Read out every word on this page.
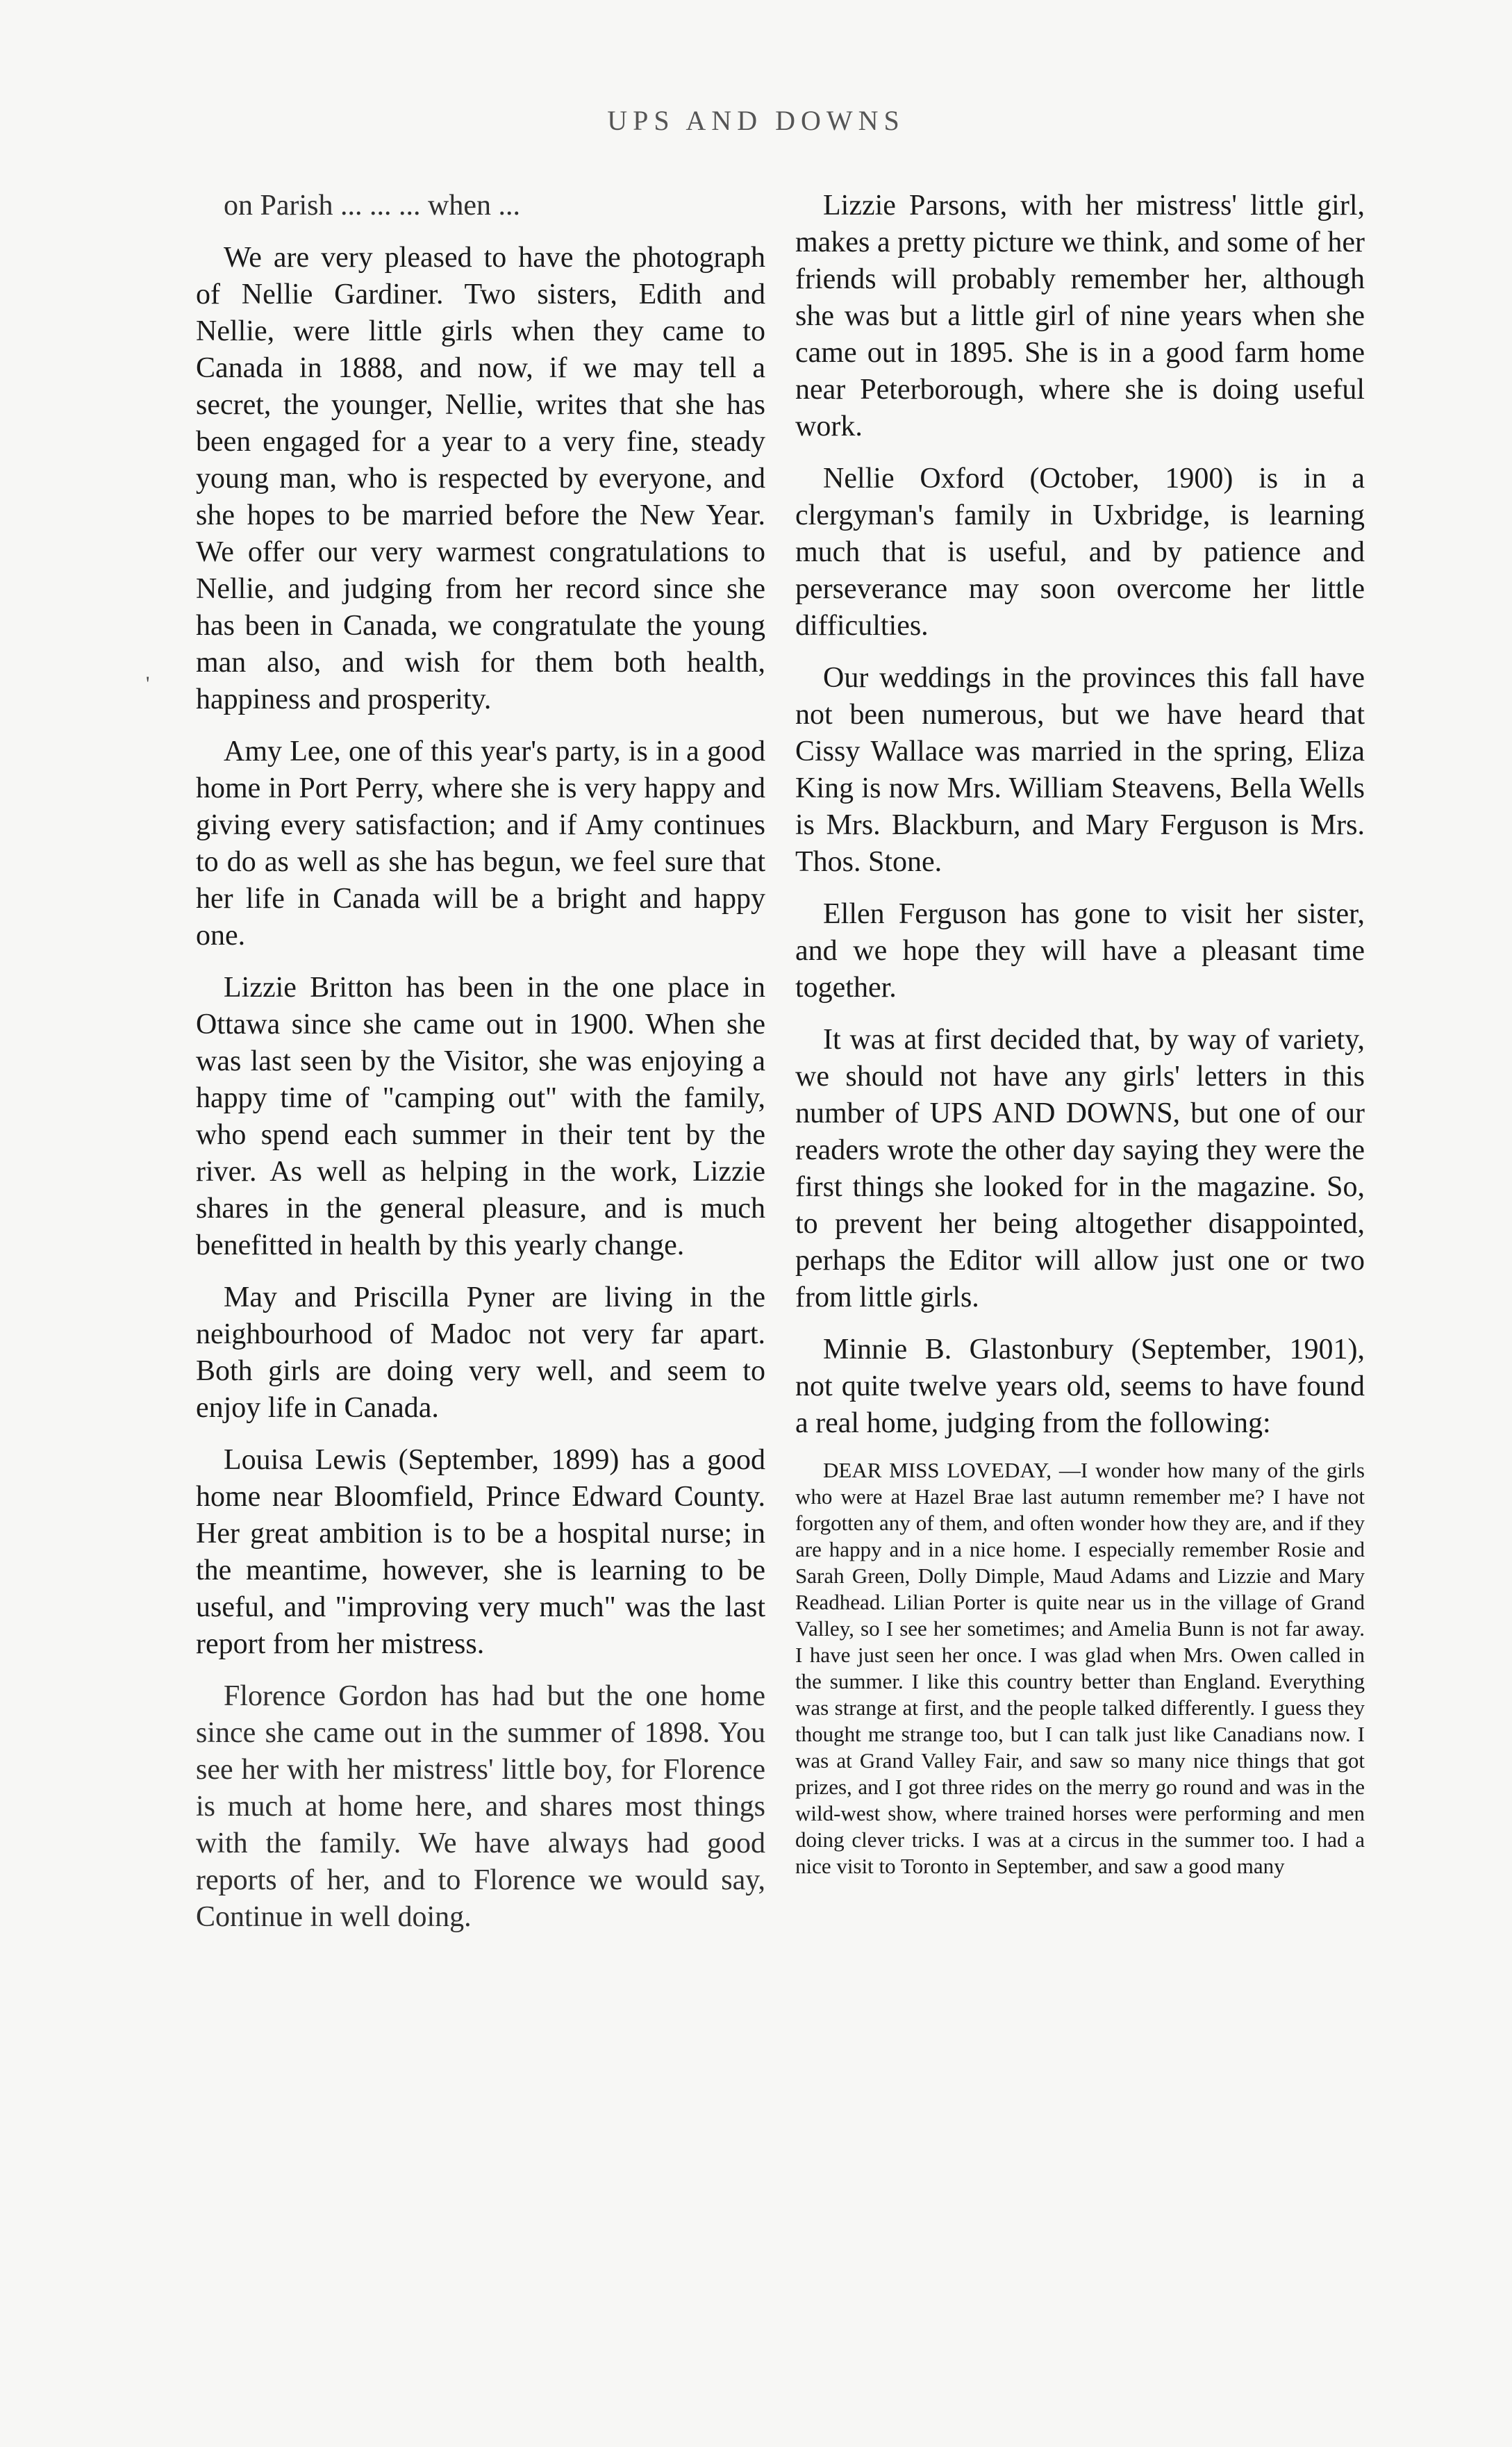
UPS AND DOWNS
'

on Parish ... ... ... when ...

We are very pleased to have the photograph of Nellie Gardiner. Two sisters, Edith and Nellie, were little girls when they came to Canada in 1888, and now, if we may tell a secret, the younger, Nellie, writes that she has been engaged for a year to a very fine, steady young man, who is respected by everyone, and she hopes to be married before the New Year. We offer our very warmest congratulations to Nellie, and judging from her record since she has been in Canada, we congratulate the young man also, and wish for them both health, happiness and prosperity.

Amy Lee, one of this year's party, is in a good home in Port Perry, where she is very happy and giving every satisfaction; and if Amy continues to do as well as she has begun, we feel sure that her life in Canada will be a bright and happy one.

Lizzie Britton has been in the one place in Ottawa since she came out in 1900. When she was last seen by the Visitor, she was enjoying a happy time of "camping out" with the family, who spend each summer in their tent by the river. As well as helping in the work, Lizzie shares in the general pleasure, and is much benefitted in health by this yearly change.

May and Priscilla Pyner are living in the neighbourhood of Madoc not very far apart. Both girls are doing very well, and seem to enjoy life in Canada.

Louisa Lewis (September, 1899) has a good home near Bloomfield, Prince Edward County. Her great ambition is to be a hospital nurse; in the meantime, however, she is learning to be useful, and "improving very much" was the last report from her mistress.

Florence Gordon has had but the one home since she came out in the summer of 1898. You see her with her mistress' little boy, for Florence is much at home here, and shares most things with the family. We have always had good reports of her, and to Florence we would say, Continue in well doing.

Lizzie Parsons, with her mistress' little girl, makes a pretty picture we think, and some of her friends will probably remember her, although she was but a little girl of nine years when she came out in 1895. She is in a good farm home near Peterborough, where she is doing useful work.

Nellie Oxford (October, 1900) is in a clergyman's family in Uxbridge, is learning much that is useful, and by patience and perseverance may soon overcome her little difficulties.

Our weddings in the provinces this fall have not been numerous, but we have heard that Cissy Wallace was married in the spring, Eliza King is now Mrs. William Steavens, Bella Wells is Mrs. Blackburn, and Mary Ferguson is Mrs. Thos. Stone.

Ellen Ferguson has gone to visit her sister, and we hope they will have a pleasant time together.

It was at first decided that, by way of variety, we should not have any girls' letters in this number of UPS AND DOWNS, but one of our readers wrote the other day saying they were the first things she looked for in the magazine. So, to prevent her being altogether disappointed, perhaps the Editor will allow just one or two from little girls.

Minnie B. Glastonbury (September, 1901), not quite twelve years old, seems to have found a real home, judging from the following:

DEAR MISS LOVEDAY, —I wonder how many of the girls who were at Hazel Brae last autumn remember me? I have not forgotten any of them, and often wonder how they are, and if they are happy and in a nice home. I especially remember Rosie and Sarah Green, Dolly Dimple, Maud Adams and Lizzie and Mary Readhead. Lilian Porter is quite near us in the village of Grand Valley, so I see her sometimes; and Amelia Bunn is not far away. I have just seen her once. I was glad when Mrs. Owen called in the summer. I like this country better than England. Everything was strange at first, and the people talked differently. I guess they thought me strange too, but I can talk just like Canadians now. I was at Grand Valley Fair, and saw so many nice things that got prizes, and I got three rides on the merry go round and was in the wild-west show, where trained horses were performing and men doing clever tricks. I was at a circus in the summer too. I had a nice visit to Toronto in September, and saw a good many
